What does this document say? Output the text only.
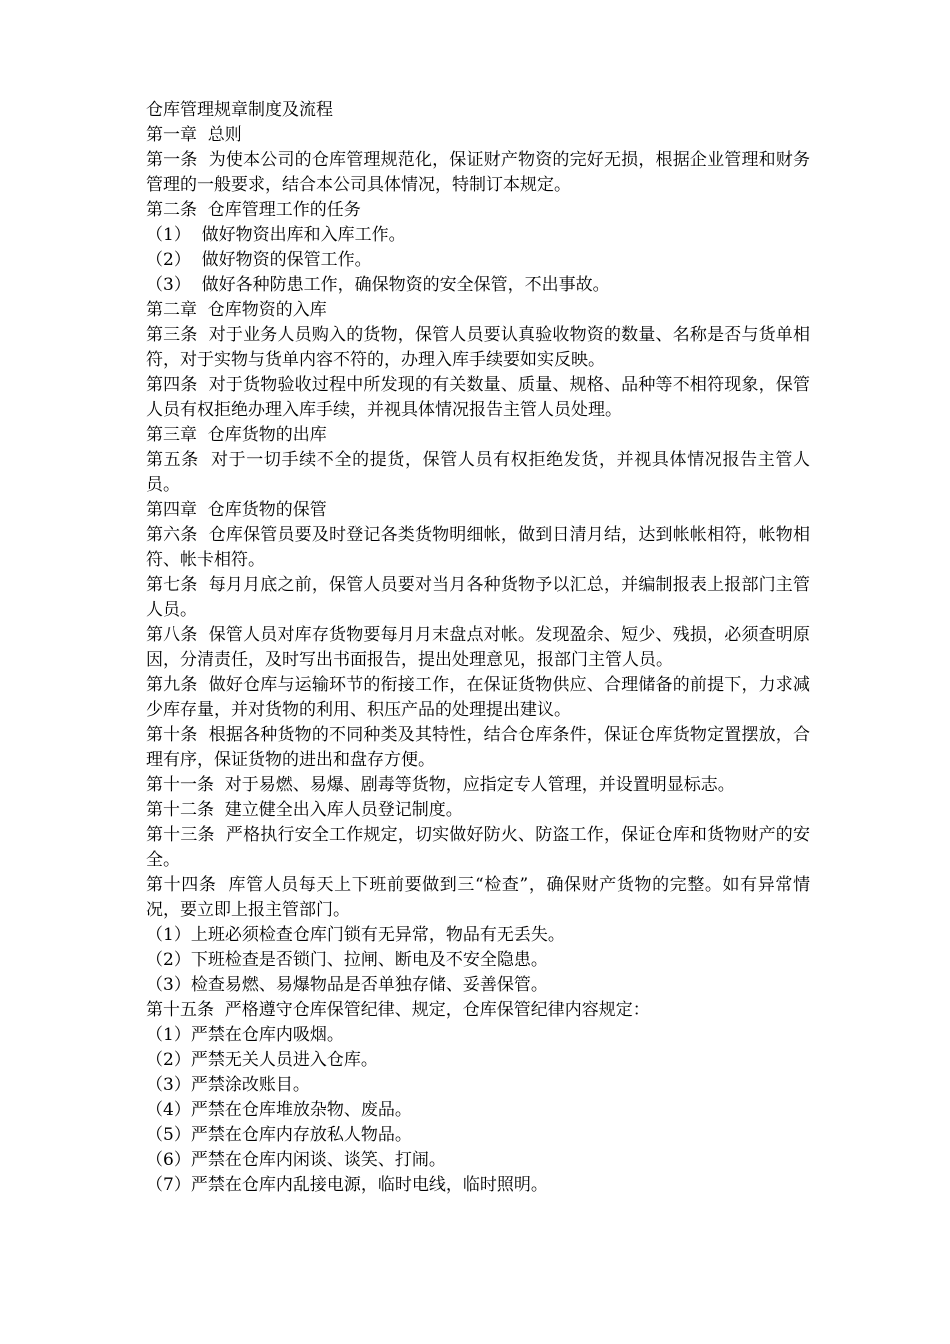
仓库管理规章制度及流程
第一章  总则
第一条  为使本公司的仓库管理规范化，保证财产物资的完好无损，根据企业管理和财务管理的一般要求，结合本公司具体情况，特制订本规定。
第二条  仓库管理工作的任务
（1）  做好物资出库和入库工作。
（2）  做好物资的保管工作。
（3）  做好各种防患工作，确保物资的安全保管，不出事故。
第二章  仓库物资的入库
第三条  对于业务人员购入的货物，保管人员要认真验收物资的数量、名称是否与货单相符，对于实物与货单内容不符的，办理入库手续要如实反映。
第四条  对于货物验收过程中所发现的有关数量、质量、规格、品种等不相符现象，保管人员有权拒绝办理入库手续，并视具体情况报告主管人员处理。
第三章  仓库货物的出库
第五条  对于一切手续不全的提货，保管人员有权拒绝发货，并视具体情况报告主管人员。
第四章  仓库货物的保管
第六条  仓库保管员要及时登记各类货物明细帐，做到日清月结，达到帐帐相符，帐物相符、帐卡相符。
第七条  每月月底之前，保管人员要对当月各种货物予以汇总，并编制报表上报部门主管人员。
第八条  保管人员对库存货物要每月月末盘点对帐。发现盈余、短少、残损，必须查明原因，分清责任，及时写出书面报告，提出处理意见，报部门主管人员。
第九条  做好仓库与运输环节的衔接工作，在保证货物供应、合理储备的前提下，力求减少库存量，并对货物的利用、积压产品的处理提出建议。
第十条  根据各种货物的不同种类及其特性，结合仓库条件，保证仓库货物定置摆放，合理有序，保证货物的进出和盘存方便。
第十一条  对于易燃、易爆、剧毒等货物，应指定专人管理，并设置明显标志。
第十二条  建立健全出入库人员登记制度。
第十三条  严格执行安全工作规定，切实做好防火、防盗工作，保证仓库和货物财产的安全。
第十四条  库管人员每天上下班前要做到三“检查”，确保财产货物的完整。如有异常情况，要立即上报主管部门。
（1）上班必须检查仓库门锁有无异常，物品有无丢失。
（2）下班检查是否锁门、拉闸、断电及不安全隐患。
（3）检查易燃、易爆物品是否单独存储、妥善保管。
第十五条  严格遵守仓库保管纪律、规定，仓库保管纪律内容规定：
（1）严禁在仓库内吸烟。
（2）严禁无关人员进入仓库。
（3）严禁涂改账目。
（4）严禁在仓库堆放杂物、废品。
（5）严禁在仓库内存放私人物品。
（6）严禁在仓库内闲谈、谈笑、打闹。
（7）严禁在仓库内乱接电源，临时电线，临时照明。
